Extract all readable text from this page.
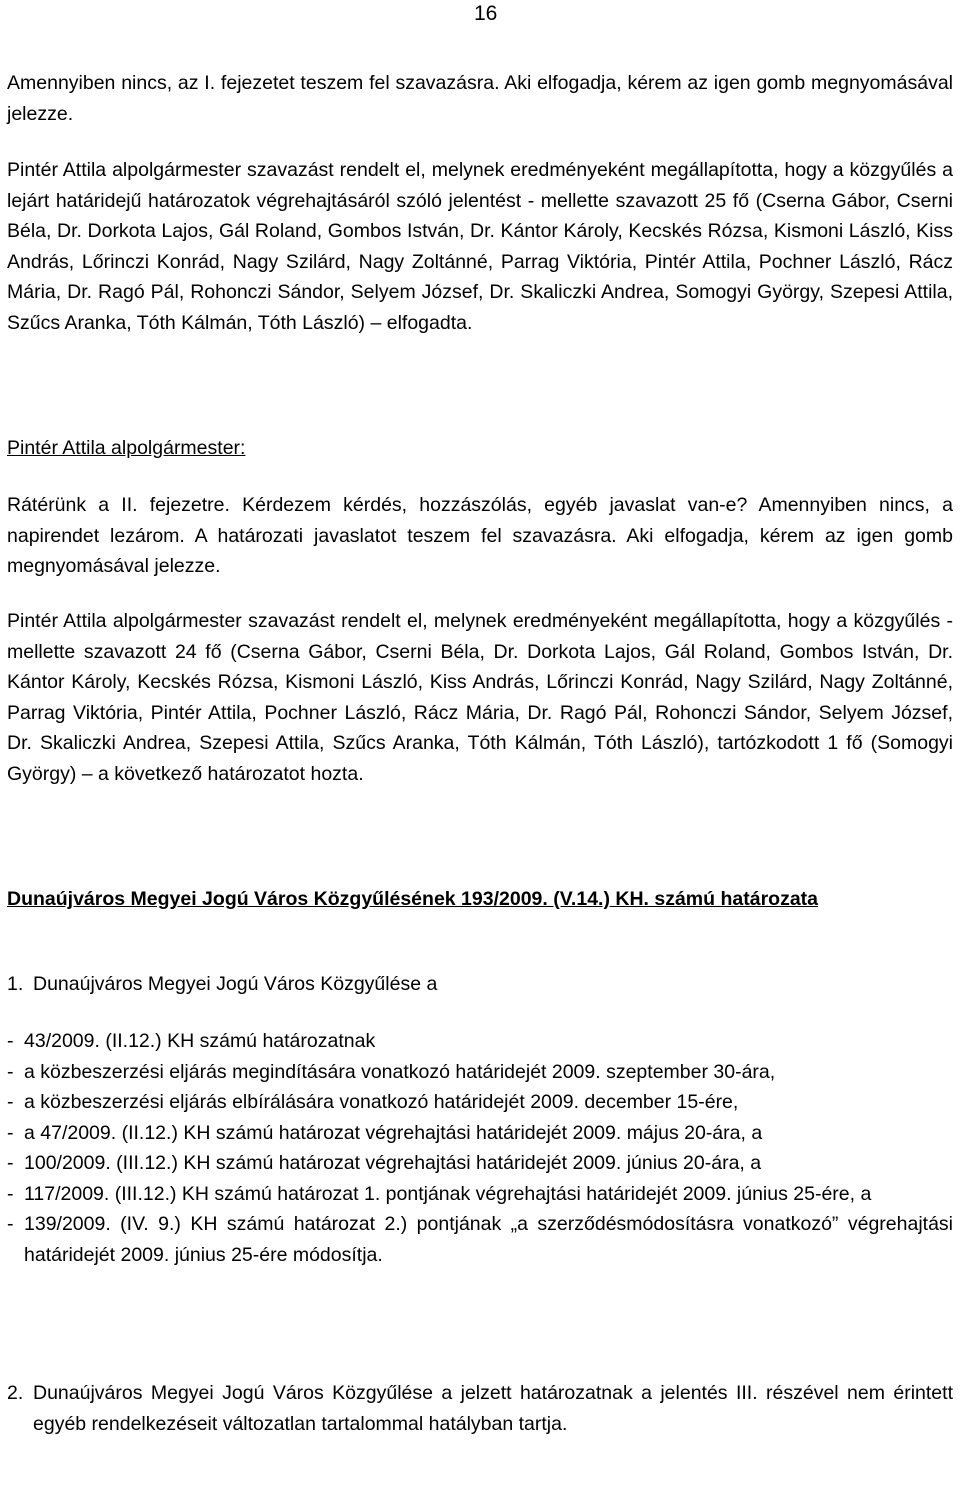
16

Amennyiben nincs, az I. fejezetet teszem fel szavazásra. Aki elfogadja, kérem az igen gomb megnyomásával jelezze.

Pintér Attila alpolgármester szavazást rendelt el, melynek eredményeként megállapította, hogy a közgyűlés a lejárt határidejű határozatok végrehajtásáról szóló jelentést - mellette szavazott 25 fő (Cserna Gábor, Cserni Béla, Dr. Dorkota Lajos, Gál Roland, Gombos István, Dr. Kántor Károly, Kecskés Rózsa, Kismoni László, Kiss András, Lőrinczi Konrád, Nagy Szilárd, Nagy Zoltánné, Parrag Viktória, Pintér Attila, Pochner László, Rácz Mária, Dr. Ragó Pál, Rohonczi Sándor, Selyem József, Dr. Skaliczki Andrea, Somogyi György, Szepesi Attila, Szűcs Aranka, Tóth Kálmán, Tóth László) – elfogadta.

Pintér Attila alpolgármester:

Rátérünk a II. fejezetre. Kérdezem kérdés, hozzászólás, egyéb javaslat van-e? Amennyiben nincs, a napirendet lezárom. A határozati javaslatot teszem fel szavazásra. Aki elfogadja, kérem az igen gomb megnyomásával jelezze.

Pintér Attila alpolgármester szavazást rendelt el, melynek eredményeként megállapította, hogy a közgyűlés - mellette szavazott 24 fő (Cserna Gábor, Cserni Béla, Dr. Dorkota Lajos, Gál Roland, Gombos István, Dr. Kántor Károly, Kecskés Rózsa, Kismoni László, Kiss András, Lőrinczi Konrád, Nagy Szilárd, Nagy Zoltánné, Parrag Viktória, Pintér Attila, Pochner László, Rácz Mária, Dr. Ragó Pál, Rohonczi Sándor, Selyem József, Dr. Skaliczki Andrea, Szepesi Attila, Szűcs Aranka, Tóth Kálmán, Tóth László), tartózkodott 1 fő (Somogyi György) – a következő határozatot hozta.

Dunaújváros Megyei Jogú Város Közgyűlésének 193/2009. (V.14.) KH. számú határozata

1. Dunaújváros Megyei Jogú Város Közgyűlése a

- 43/2009. (II.12.) KH számú határozatnak
- a közbeszerzési eljárás megindítására vonatkozó határidejét 2009. szeptember 30-ára,
- a közbeszerzési eljárás elbírálására vonatkozó határidejét 2009. december 15-ére,
- a 47/2009. (II.12.) KH számú határozat végrehajtási határidejét 2009. május 20-ára, a
- 100/2009. (III.12.) KH számú határozat végrehajtási határidejét 2009. június 20-ára, a
- 117/2009. (III.12.) KH számú határozat 1. pontjának végrehajtási határidejét 2009. június 25-ére, a
- 139/2009. (IV. 9.) KH számú határozat 2.) pontjának „a szerződésmódosításra vonatkozó” végrehajtási határidejét 2009. június 25-ére módosítja.

2. Dunaújváros Megyei Jogú Város Közgyűlése a jelzett határozatnak a jelentés III. részével nem érintett egyéb rendelkezéseit változatlan tartalommal hatályban tartja.
